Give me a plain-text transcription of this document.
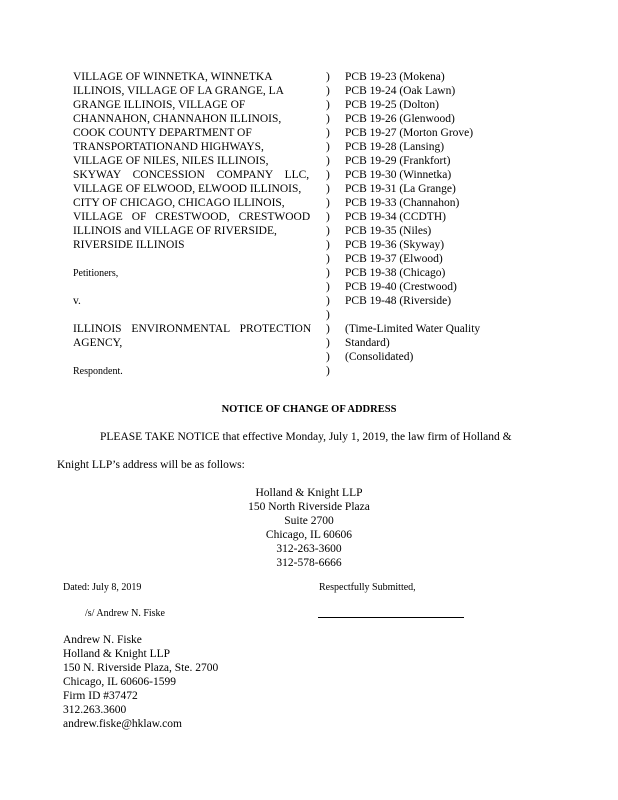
VILLAGE OF WINNETKA, WINNETKA
ILLINOIS, VILLAGE OF LA GRANGE, LA
GRANGE ILLINOIS, VILLAGE OF
CHANNAHON, CHANNAHON ILLINOIS,
COOK COUNTY DEPARTMENT OF
TRANSPORTATIONAND HIGHWAYS,
VILLAGE OF NILES, NILES ILLINOIS,
SKYWAY CONCESSION COMPANY LLC,
VILLAGE OF ELWOOD, ELWOOD ILLINOIS,
CITY OF CHICAGO, CHICAGO ILLINOIS,
VILLAGE OF CRESTWOOD, CRESTWOOD
ILLINOIS and VILLAGE OF RIVERSIDE,
RIVERSIDE ILLINOIS
Petitioners,
v.
ILLINOIS ENVIRONMENTAL PROTECTION
AGENCY,
Respondent.
)
)
)
)
)
)
)
)
)
)
)
)
)
)
)
)
)
)
)
)
)
)
PCB 19-23 (Mokena)
PCB 19-24 (Oak Lawn)
PCB 19-25 (Dolton)
PCB 19-26 (Glenwood)
PCB 19-27 (Morton Grove)
PCB 19-28 (Lansing)
PCB 19-29 (Frankfort)
PCB 19-30 (Winnetka)
PCB 19-31 (La Grange)
PCB 19-33 (Channahon)
PCB 19-34 (CCDTH)
PCB 19-35 (Niles)
PCB 19-36 (Skyway)
PCB 19-37 (Elwood)
PCB 19-38 (Chicago)
PCB 19-40 (Crestwood)
PCB 19-48 (Riverside)
(Time-Limited Water Quality
Standard)
(Consolidated)
NOTICE OF CHANGE OF ADDRESS
PLEASE TAKE NOTICE that effective Monday, July 1, 2019, the law firm of Holland &
Knight LLP’s address will be as follows:
Holland & Knight LLP
150 North Riverside Plaza
Suite 2700
Chicago, IL 60606
312-263-3600
312-578-6666
Dated: July 8, 2019	Respectfully Submitted,
/s/ Andrew N. Fiske
Andrew N. Fiske
Holland & Knight LLP
150 N. Riverside Plaza, Ste. 2700
Chicago, IL 60606-1599
Firm ID #37472
312.263.3600
andrew.fiske@hklaw.com
